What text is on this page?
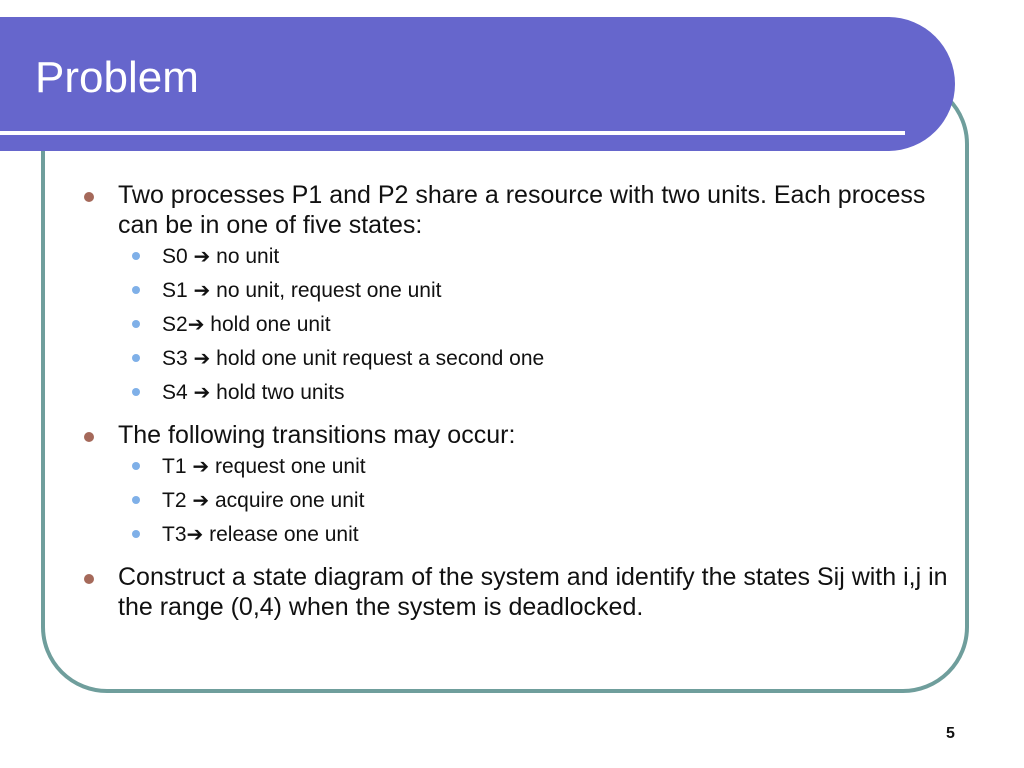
Problem
Two processes P1 and P2 share a resource with two units. Each process can be in one of five states:
S0 ➔ no unit
S1 ➔ no unit, request one unit
S2➔ hold one unit
S3 ➔ hold one unit request a second one
S4 ➔ hold two units
The following transitions may occur:
T1 ➔ request one unit
T2 ➔ acquire one unit
T3➔ release one unit
Construct a state diagram of the system and identify the states Sij with i,j in the range (0,4) when the system is deadlocked.
5
